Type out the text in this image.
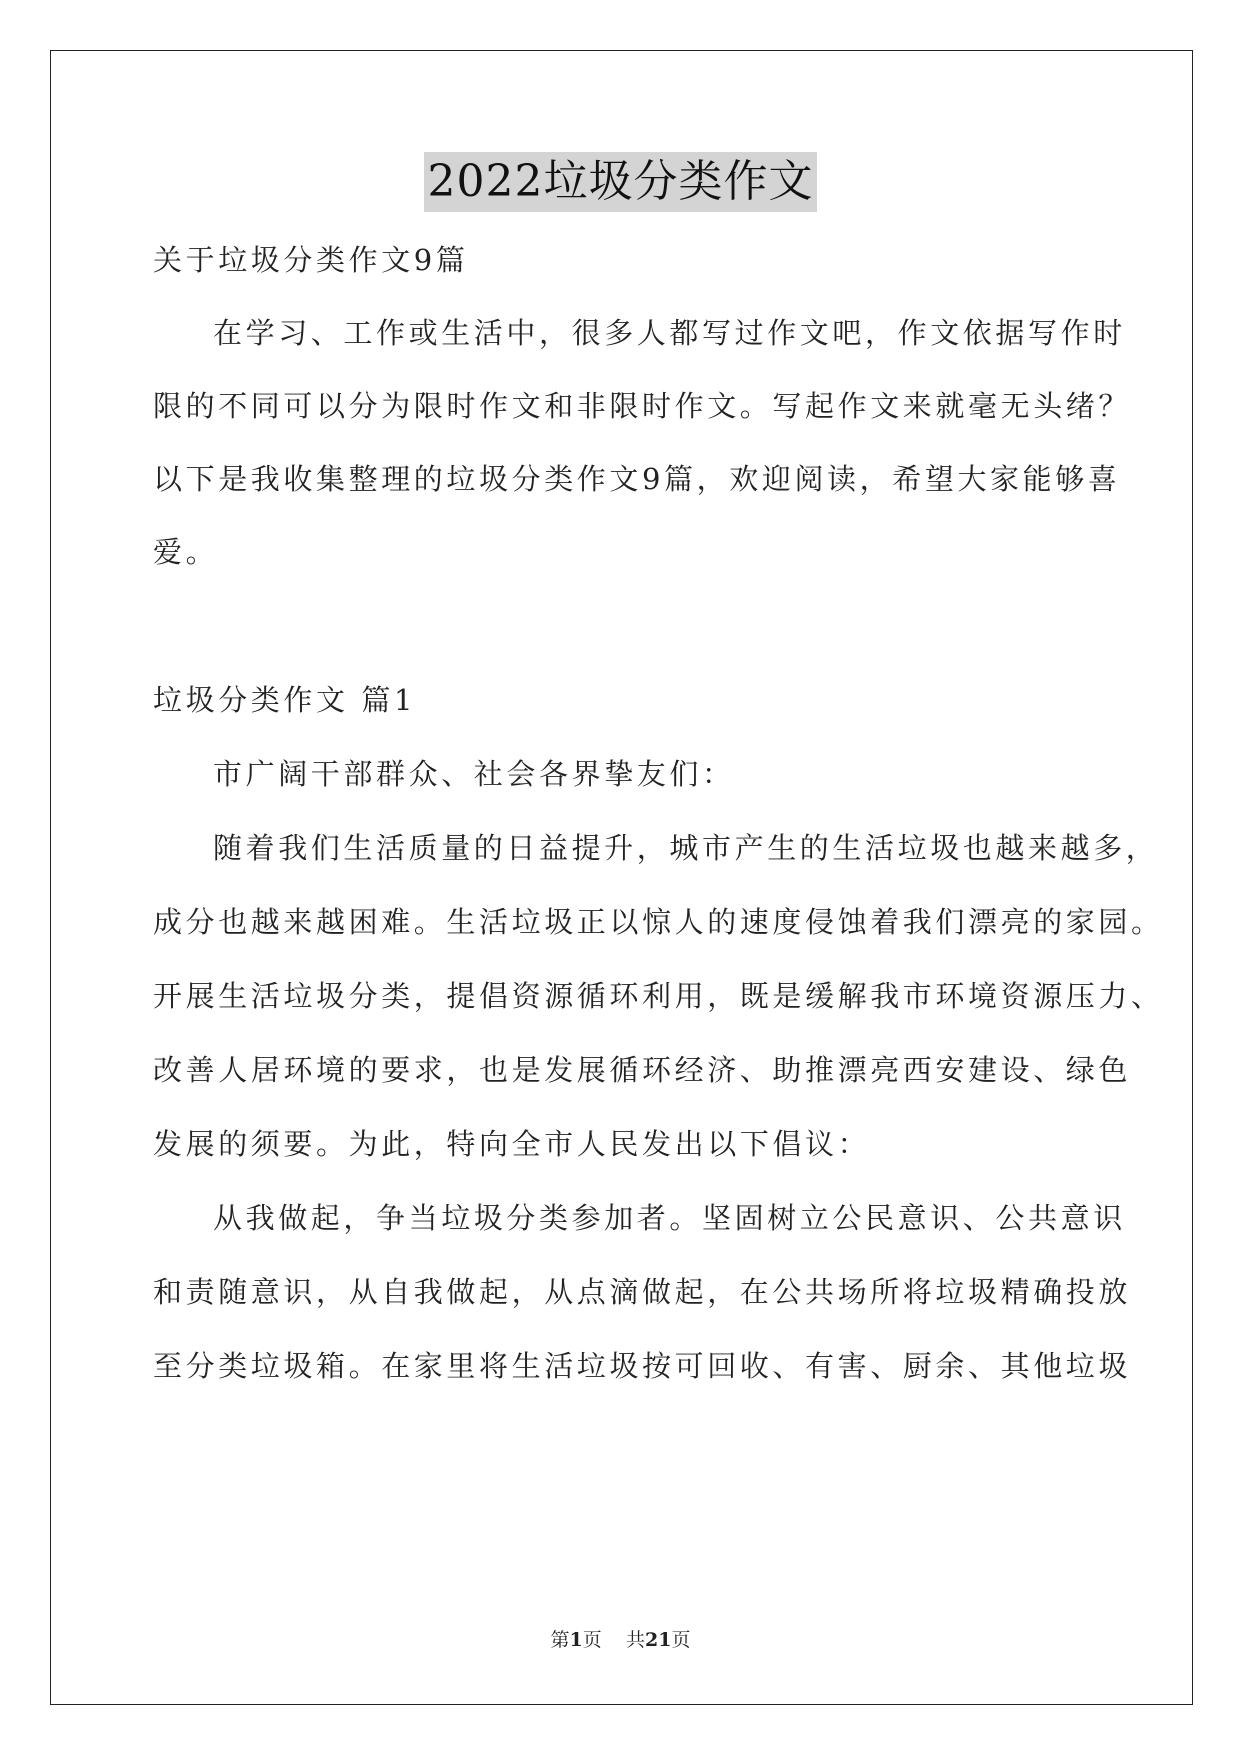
2022垃圾分类作文
关于垃圾分类作文9篇
在学习、工作或生活中，很多人都写过作文吧，作文依据写作时
限的不同可以分为限时作文和非限时作文。写起作文来就毫无头绪？
以下是我收集整理的垃圾分类作文9篇，欢迎阅读，希望大家能够喜
爱。
垃圾分类作文 篇1
市广阔干部群众、社会各界挚友们：
随着我们生活质量的日益提升，城市产生的生活垃圾也越来越多，
成分也越来越困难。生活垃圾正以惊人的速度侵蚀着我们漂亮的家园。
开展生活垃圾分类，提倡资源循环利用，既是缓解我市环境资源压力、
改善人居环境的要求，也是发展循环经济、助推漂亮西安建设、绿色
发展的须要。为此，特向全市人民发出以下倡议：
从我做起，争当垃圾分类参加者。坚固树立公民意识、公共意识
和责随意识，从自我做起，从点滴做起，在公共场所将垃圾精确投放
至分类垃圾箱。在家里将生活垃圾按可回收、有害、厨余、其他垃圾
第1页 共21页
